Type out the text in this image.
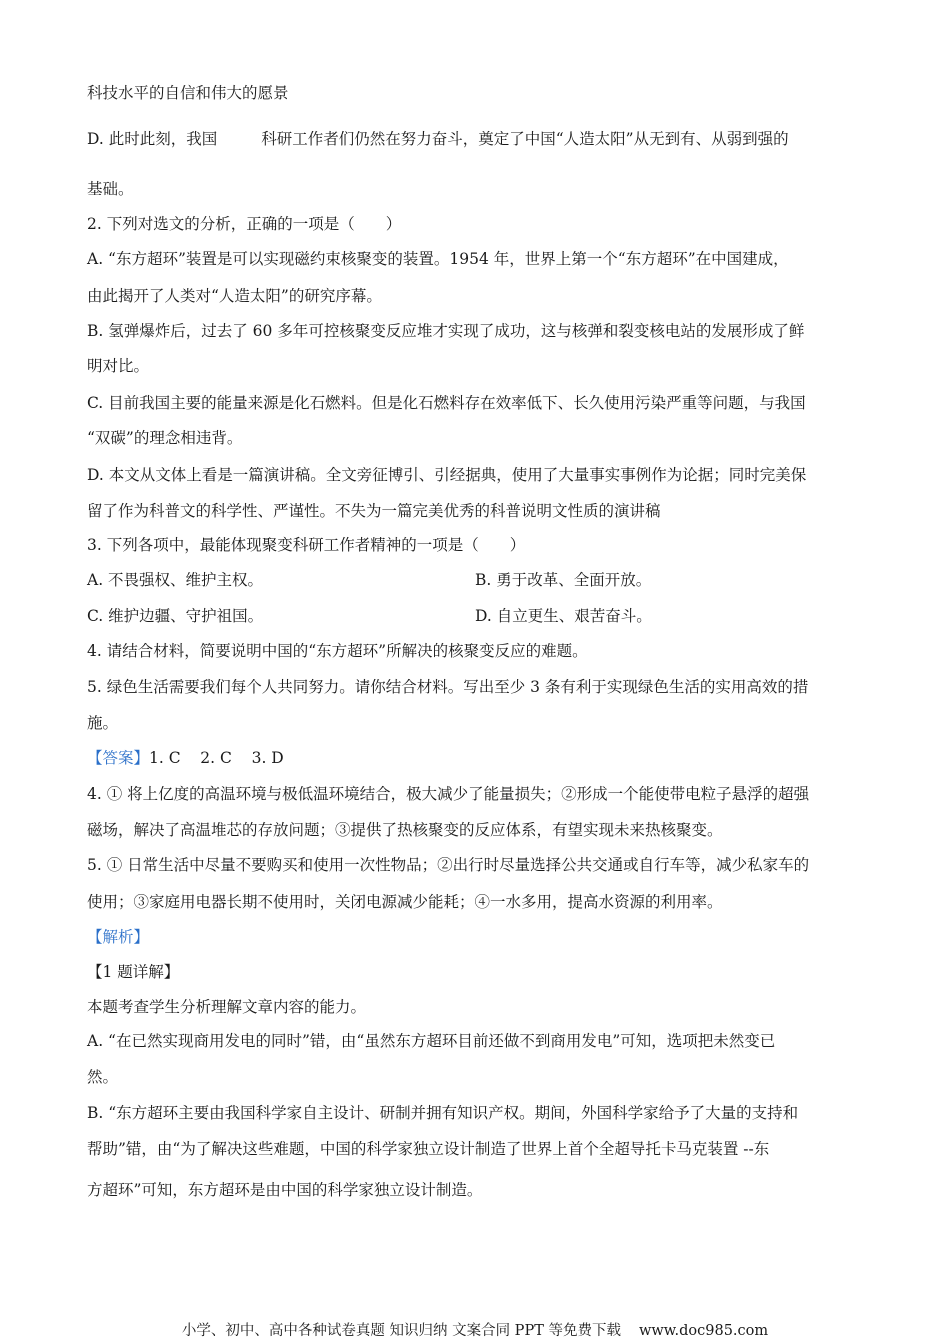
科技水平的自信和伟大的愿景
D. 此时此刻，我国	科研工作者们仍然在努力奋斗，奠定了中国“人造太阳”从无到有、从弱到强的
基础。
2. 下列对选文的分析，正确的一项是（　　）
A. “东方超环”装置是可以实现磁约束核聚变的装置。1954 年，世界上第一个“东方超环”在中国建成，
由此揭开了人类对“人造太阳”的研究序幕。
B. 氢弹爆炸后，过去了 60 多年可控核聚变反应堆才实现了成功，这与核弹和裂变核电站的发展形成了鲜
明对比。
C. 目前我国主要的能量来源是化石燃料。但是化石燃料存在效率低下、长久使用污染严重等问题，与我国
“双碳”的理念相违背。
D. 本文从文体上看是一篇演讲稿。全文旁征博引、引经据典，使用了大量事实事例作为论据；同时完美保
留了作为科普文的科学性、严谨性。不失为一篇完美优秀的科普说明文性质的演讲稿
3. 下列各项中，最能体现聚变科研工作者精神的一项是（　　）
A. 不畏强权、维护主权。	B. 勇于改革、全面开放。
C. 维护边疆、守护祖国。	D. 自立更生、艰苦奋斗。
4. 请结合材料，简要说明中国的“东方超环”所解决的核聚变反应的难题。
5. 绿色生活需要我们每个人共同努力。请你结合材料。写出至少 3 条有利于实现绿色生活的实用高效的措
施。
【答案】1. C    2. C    3. D
4. ① 将上亿度的高温环境与极低温环境结合，极大减少了能量损失；②形成一个能使带电粒子悬浮的超强
磁场，解决了高温堆芯的存放问题；③提供了热核聚变的反应体系，有望实现未来热核聚变。
5. ① 日常生活中尽量不要购买和使用一次性物品；②出行时尽量选择公共交通或自行车等，减少私家车的
使用；③家庭用电器长期不使用时，关闭电源减少能耗；④一水多用，提高水资源的利用率。
【解析】
【1 题详解】
本题考查学生分析理解文章内容的能力。
A. “在已然实现商用发电的同时”错，由“虽然东方超环目前还做不到商用发电”可知，选项把未然变已
然。
B. “东方超环主要由我国科学家自主设计、研制并拥有知识产权。期间，外国科学家给予了大量的支持和
帮助”错，由“为了解决这些难题，中国的科学家独立设计制造了世界上首个全超导托卡马克装置 --东
方超环”可知，东方超环是由中国的科学家独立设计制造。
小学、初中、高中各种试卷真题 知识归纳 文案合同 PPT 等免费下载 www.doc985.com
